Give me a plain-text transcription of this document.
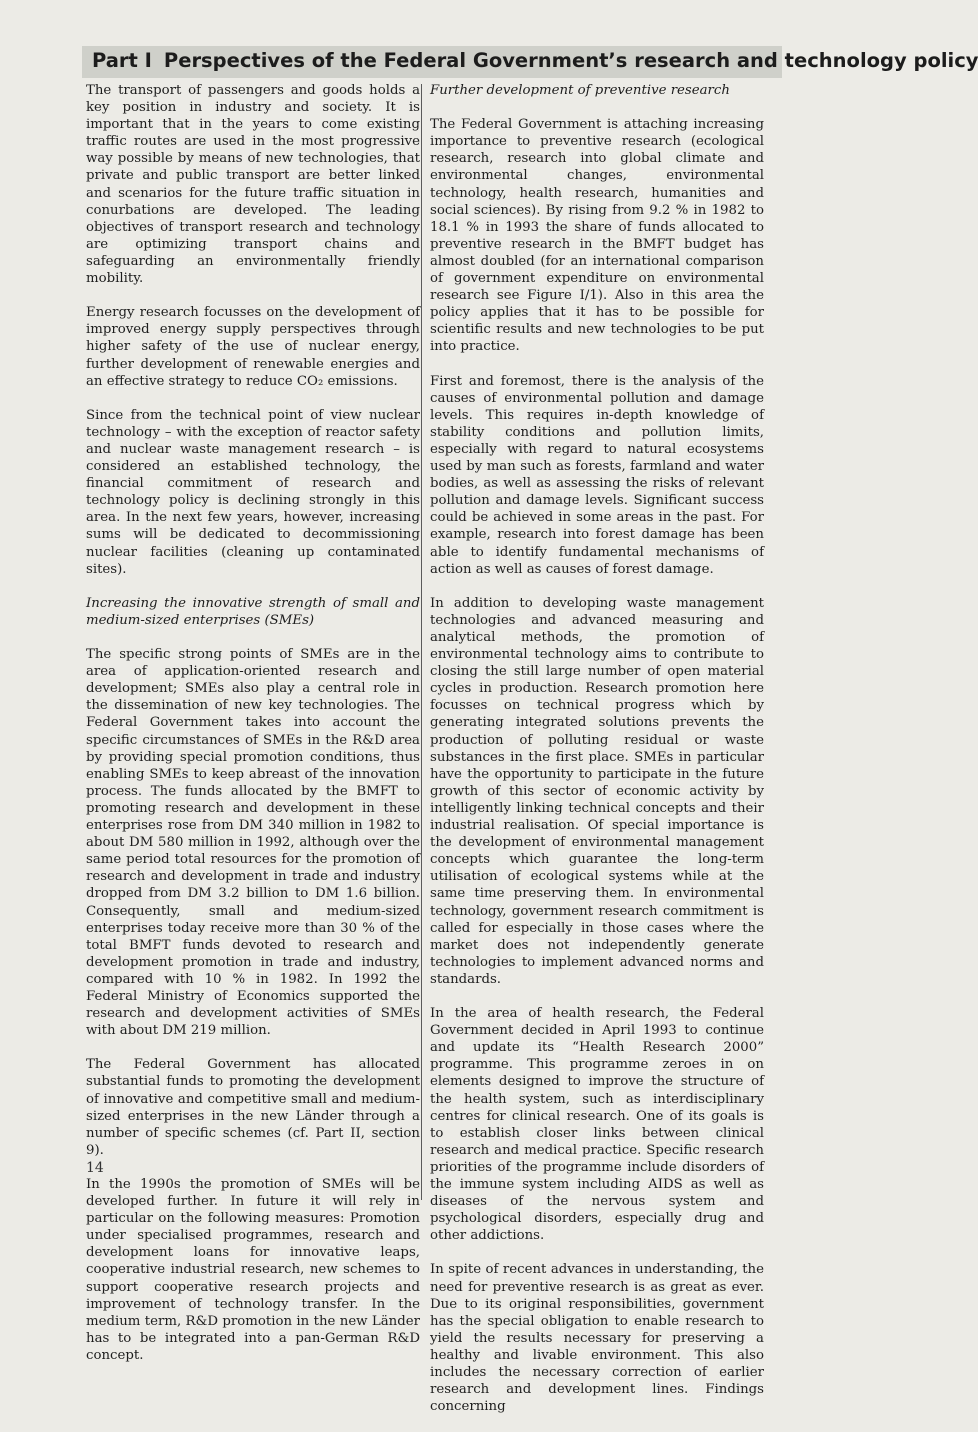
Part I Perspectives of the Federal Government’s research and technology policy

The transport of passengers and goods holds a key position in industry and society. It is important that in the years to come existing traffic routes are used in the most progressive way possible by means of new technologies, that private and public transport are better linked and scenarios for the future traffic situation in conurbations are developed. The leading objectives of transport research and technology are optimizing transport chains and safeguarding an environmentally friendly mobility.

Energy research focusses on the development of improved energy supply perspectives through higher safety of the use of nuclear energy, further development of renewable energies and an effective strategy to reduce CO₂ emissions.

Since from the technical point of view nuclear technology – with the exception of reactor safety and nuclear waste management research – is considered an established technology, the financial commitment of research and technology policy is declining strongly in this area. In the next few years, however, increasing sums will be dedicated to decommissioning nuclear facilities (cleaning up contaminated sites).

Increasing the innovative strength of small and medium-sized enterprises (SMEs)

The specific strong points of SMEs are in the area of application-oriented research and development; SMEs also play a central role in the dissemination of new key technologies. The Federal Government takes into account the specific circumstances of SMEs in the R&D area by providing special promotion conditions, thus enabling SMEs to keep abreast of the innovation process. The funds allocated by the BMFT to promoting research and development in these enterprises rose from DM 340 million in 1982 to about DM 580 million in 1992, although over the same period total resources for the promotion of research and development in trade and industry dropped from DM 3.2 billion to DM 1.6 billion. Consequently, small and medium-sized enterprises today receive more than 30 % of the total BMFT funds devoted to research and development promotion in trade and industry, compared with 10 % in 1982. In 1992 the Federal Ministry of Economics supported the research and development activities of SMEs with about DM 219 million.

The Federal Government has allocated substantial funds to promoting the development of innovative and competitive small and medium-sized enterprises in the new Länder through a number of specific schemes (cf. Part II, section 9).

In the 1990s the promotion of SMEs will be developed further. In future it will rely in particular on the following measures: Promotion under specialised programmes, research and development loans for innovative leaps, cooperative industrial research, new schemes to support cooperative research projects and improvement of technology transfer. In the medium term, R&D promotion in the new Länder has to be integrated into a pan-German R&D concept.

Further development of preventive research

The Federal Government is attaching increasing importance to preventive research (ecological research, research into global climate and environmental changes, environmental technology, health research, humanities and social sciences). By rising from 9.2 % in 1982 to 18.1 % in 1993 the share of funds allocated to preventive research in the BMFT budget has almost doubled (for an international comparison of government expenditure on environmental research see Figure I/1). Also in this area the policy applies that it has to be possible for scientific results and new technologies to be put into practice.

First and foremost, there is the analysis of the causes of environmental pollution and damage levels. This requires in-depth knowledge of stability conditions and pollution limits, especially with regard to natural ecosystems used by man such as forests, farmland and water bodies, as well as assessing the risks of relevant pollution and damage levels. Significant success could be achieved in some areas in the past. For example, research into forest damage has been able to identify fundamental mechanisms of action as well as causes of forest damage.

In addition to developing waste management technologies and advanced measuring and analytical methods, the promotion of environmental technology aims to contribute to closing the still large number of open material cycles in production. Research promotion here focusses on technical progress which by generating integrated solutions prevents the production of polluting residual or waste substances in the first place. SMEs in particular have the opportunity to participate in the future growth of this sector of economic activity by intelligently linking technical concepts and their industrial realisation. Of special importance is the development of environmental management concepts which guarantee the long-term utilisation of ecological systems while at the same time preserving them. In environmental technology, government research commitment is called for especially in those cases where the market does not independently generate technologies to implement advanced norms and standards.

In the area of health research, the Federal Government decided in April 1993 to continue and update its “Health Research 2000” programme. This programme zeroes in on elements designed to improve the structure of the health system, such as interdisciplinary centres for clinical research. One of its goals is to establish closer links between clinical research and medical practice. Specific research priorities of the programme include disorders of the immune system including AIDS as well as diseases of the nervous system and psychological disorders, especially drug and other addictions.

In spite of recent advances in understanding, the need for preventive research is as great as ever. Due to its original responsibilities, government has the special obligation to enable research to yield the results necessary for preserving a healthy and livable environment. This also includes the necessary correction of earlier research and development lines. Findings concerning

14
